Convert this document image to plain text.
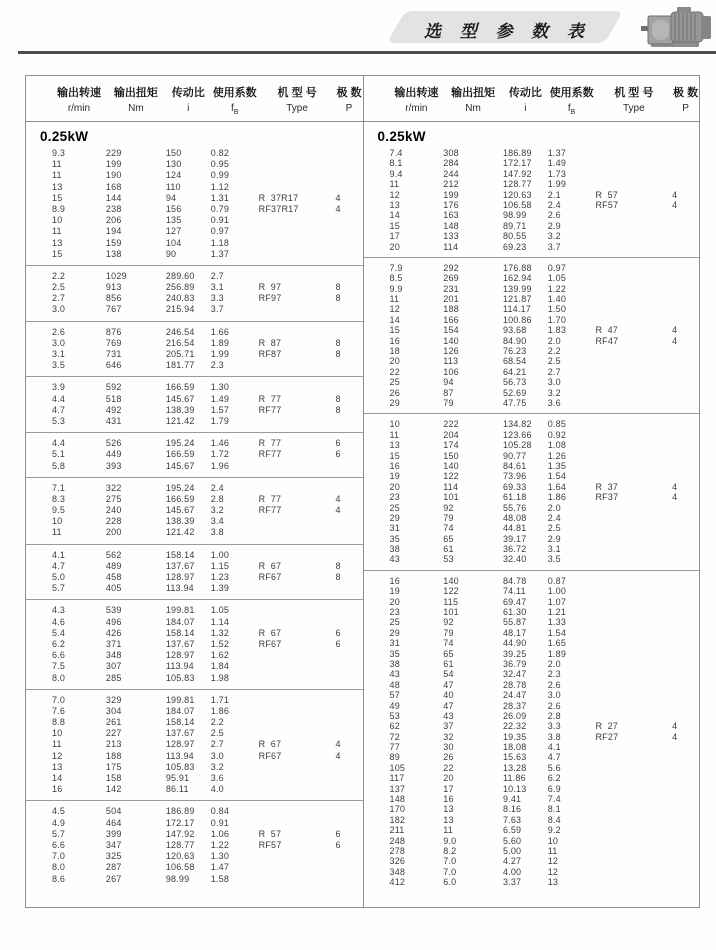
选 型 参 数 表
输出转速	输出扭矩	传动比 使用系数	机 型 号	极 数
r/min	Nm	i	$f_B$	Type	P
0.25kW
9.3	229	150	0.82
11	199	130	0.95
11	190	124	0.99
13	168	110	1.12
15	144	94	1.31	R  37R17	4
8.9	238	156	0.79	RF37R17	4
10	206	135	0.91
11	194	127	0.97
13	159	104	1.18
15	138	90	1.37
2.2	1029	289.60	2.7
2.5	913	256.89	3.1	R  97	8
2.7	856	240.83	3.3	RF97	8
3.0	767	215.94	3.7
2.6	876	246.54	1.66
3.0	769	216.54	1.89	R  87	8
3.1	731	205.71	1.99	RF87	8
3.5	646	181.77	2.3
3.9	592	166.59	1.30
4.4	518	145.67	1.49	R  77	8
4.7	492	138.39	1.57	RF77	8
5.3	431	121.42	1.79
4.4	526	195.24	1.46	R  77	6
5.1	449	166.59	1.72	RF77	6
5.8	393	145.67	1.96
7.1	322	195.24	2.4
8.3	275	166.59	2.8	R  77	4
9.5	240	145.67	3.2	RF77	4
10	228	138.39	3.4
11	200	121.42	3.8
4.1	562	158.14	1.00
4.7	489	137.67	1.15	R  67	8
5.0	458	128.97	1.23	RF67	8
5.7	405	113.94	1.39
4.3	539	199.81	1.05
4.6	496	184.07	1.14
5.4	426	158.14	1.32	R  67	6
6.2	371	137.67	1.52	RF67	6
6.6	348	128.97	1.62
7.5	307	113.94	1.84
8.0	285	105.83	1.98
7.0	329	199.81	1.71
7.6	304	184.07	1.86
8.8	261	158.14	2.2
10	227	137.67	2.5
11	213	128.97	2.7	R  67	4
12	188	113.94	3.0	RF67	4
13	175	105.83	3.2
14	158	95.91	3.6
16	142	86.11	4.0
4.5	504	186.89	0.84
4.9	464	172.17	0.91
5.7	399	147.92	1.06	R  57	6
6.6	347	128.77	1.22	RF57	6
7.0	325	120.63	1.30
8.0	287	106.58	1.47
8.6	267	98.99	1.58
输出转速	输出扭矩	传动比 使用系数	机 型 号	极 数
r/min	Nm	i	$f_B$	Type	P
0.25kW
7.4	308	186.89	1.37
8.1	284	172.17	1.49
9.4	244	147.92	1.73
11	212	128.77	1.99
12	199	120.63	2.1	R  57	4
13	176	106.58	2.4	RF57	4
14	163	98.99	2.6
15	148	89.71	2.9
17	133	80.55	3.2
20	114	69.23	3.7
7.9	292	176.88	0.97
8.5	269	162.94	1.05
9.9	231	139.99	1.22
11	201	121.87	1.40
12	188	114.17	1.50
14	166	100.86	1.70
15	154	93.68	1.83	R  47	4
16	140	84.90	2.0	RF47	4
18	126	76.23	2.2
20	113	68.54	2.5
22	106	64.21	2.7
25	94	56.73	3.0
26	87	52.69	3.2
29	79	47.75	3.6
10	222	134.82	0.85
11	204	123.66	0.92
13	174	105.28	1.08
15	150	90.77	1.26
16	140	84.61	1.35
19	122	73.96	1.54
20	114	69.33	1.64	R  37	4
23	101	61.18	1.86	RF37	4
25	92	55.76	2.0
29	79	48.08	2.4
31	74	44.81	2.5
35	65	39.17	2.9
38	61	36.72	3.1
43	53	32.40	3.5
16	140	84.78	0.87
19	122	74.11	1.00
20	115	69.47	1.07
23	101	61.30	1.21
25	92	55.87	1.33
29	79	48.17	1.54
31	74	44.90	1.65
35	65	39.25	1.89
38	61	36.79	2.0
43	54	32.47	2.3
48	47	28.78	2.6
57	40	24.47	3.0
49	47	28.37	2.6
53	43	26.09	2.8
62	37	22.32	3.3	R  27	4
72	32	19.35	3.8	RF27	4
77	30	18.08	4.1
89	26	15.63	4.7
105	22	13.28	5.6
117	20	11.86	6.2
137	17	10.13	6.9
148	16	9.41	7.4
170	13	8.16	8.1
182	13	7.63	8.4
211	11	6.59	9.2
248	9.0	5.60	10
278	8.2	5.00	11
326	7.0	4.27	12
348	7.0	4.00	12
412	6.0	3.37	13
